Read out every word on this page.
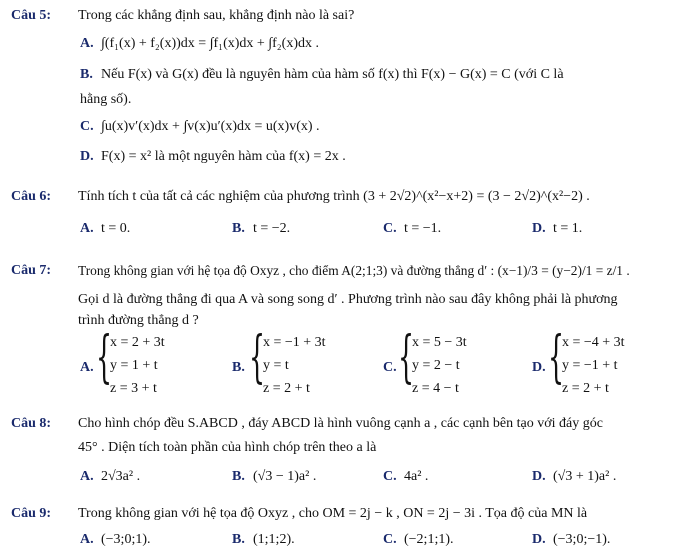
Câu 5: Trong các khẳng định sau, khẳng định nào là sai?
A. ∫(f₁(x) + f₂(x))dx = ∫f₁(x)dx + ∫f₂(x)dx .
B. Nếu F(x) và G(x) đều là nguyên hàm của hàm số f(x) thì F(x) − G(x) = C (với C là
hằng số).
C. ∫u(x)v′(x)dx + ∫v(x)u′(x)dx = u(x)v(x) .
D. F(x) = x² là một nguyên hàm của f(x) = 2x .
Câu 6: Tính tích t của tất cả các nghiệm của phương trình (3 + 2√2)^(x²−x+2) = (3 − 2√2)^(x²−2) .
A. t = 0.	B. t = −2.	C. t = −1.	D. t = 1.
Câu 7: Trong không gian với hệ tọa độ Oxyz , cho điểm A(2;1;3) và đường thẳng d′ : (x−1)/3 = (y−2)/1 = z/1 .
Gọi d là đường thẳng đi qua A và song song d′ . Phương trình nào sau đây không phải là phương
trình đường thẳng d ?
A. {
x = 2 + 3t
y = 1 + t
z = 3 + t
B. {
x = −1 + 3t
y = t
z = 2 + t
C. {
x = 5 − 3t
y = 2 − t
z = 4 − t
D. {
x = −4 + 3t
y = −1 + t
z = 2 + t
Câu 8: Cho hình chóp đều S.ABCD , đáy ABCD là hình vuông cạnh a , các cạnh bên tạo với đáy góc
45° . Diện tích toàn phần của hình chóp trên theo a là
A. 2√3a² .	B. (√3 − 1)a² .	C. 4a² .	D. (√3 + 1)a² .
Câu 9: Trong không gian với hệ tọa độ Oxyz , cho OM = 2j − k , ON = 2j − 3i . Tọa độ của MN là
A. (−3;0;1).	B. (1;1;2).	C. (−2;1;1).	D. (−3;0;−1).
